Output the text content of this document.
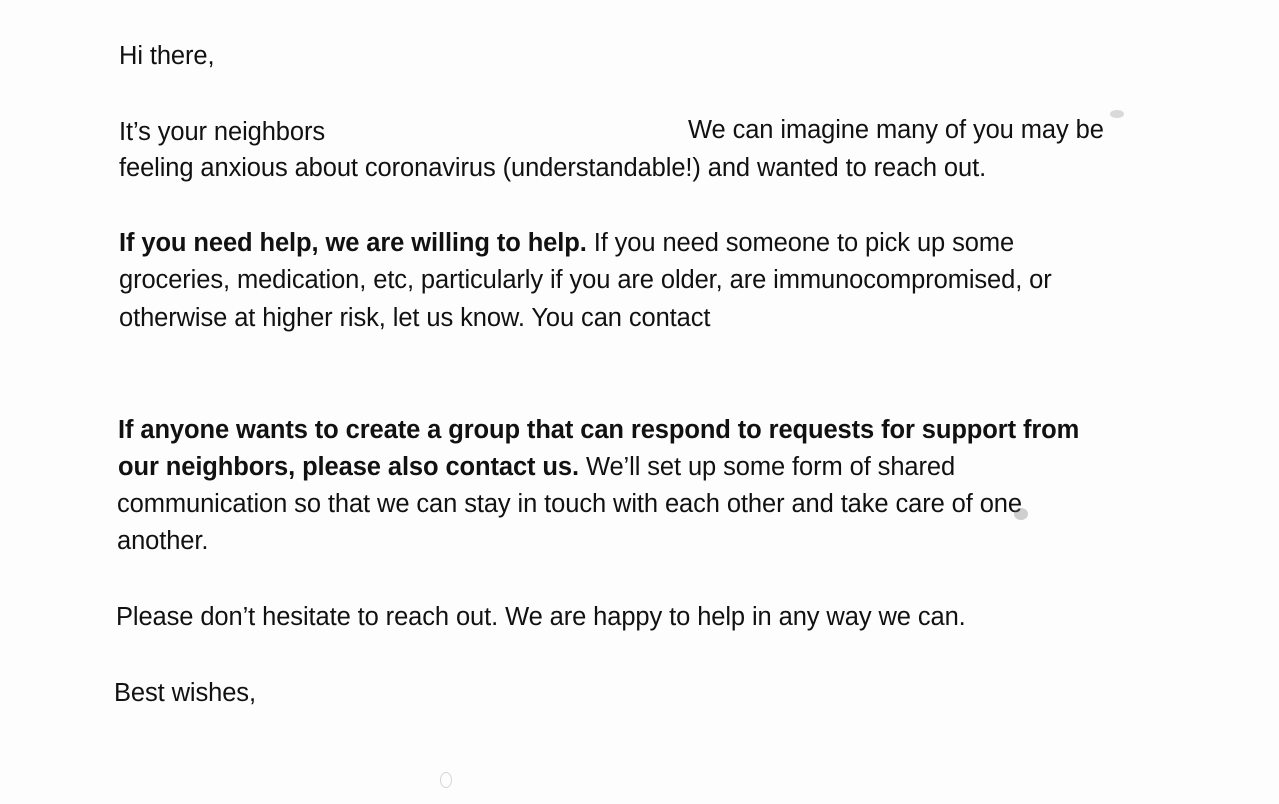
Hi there,
It’s your neighbors	We can imagine many of you may be
feeling anxious about coronavirus (understandable!) and wanted to reach out.
If you need help, we are willing to help. If you need someone to pick up some
groceries, medication, etc, particularly if you are older, are immunocompromised, or
otherwise at higher risk, let us know. You can contact
If anyone wants to create a group that can respond to requests for support from
our neighbors, please also contact us. We’ll set up some form of shared
communication so that we can stay in touch with each other and take care of one
another.
Please don’t hesitate to reach out. We are happy to help in any way we can.
Best wishes,
